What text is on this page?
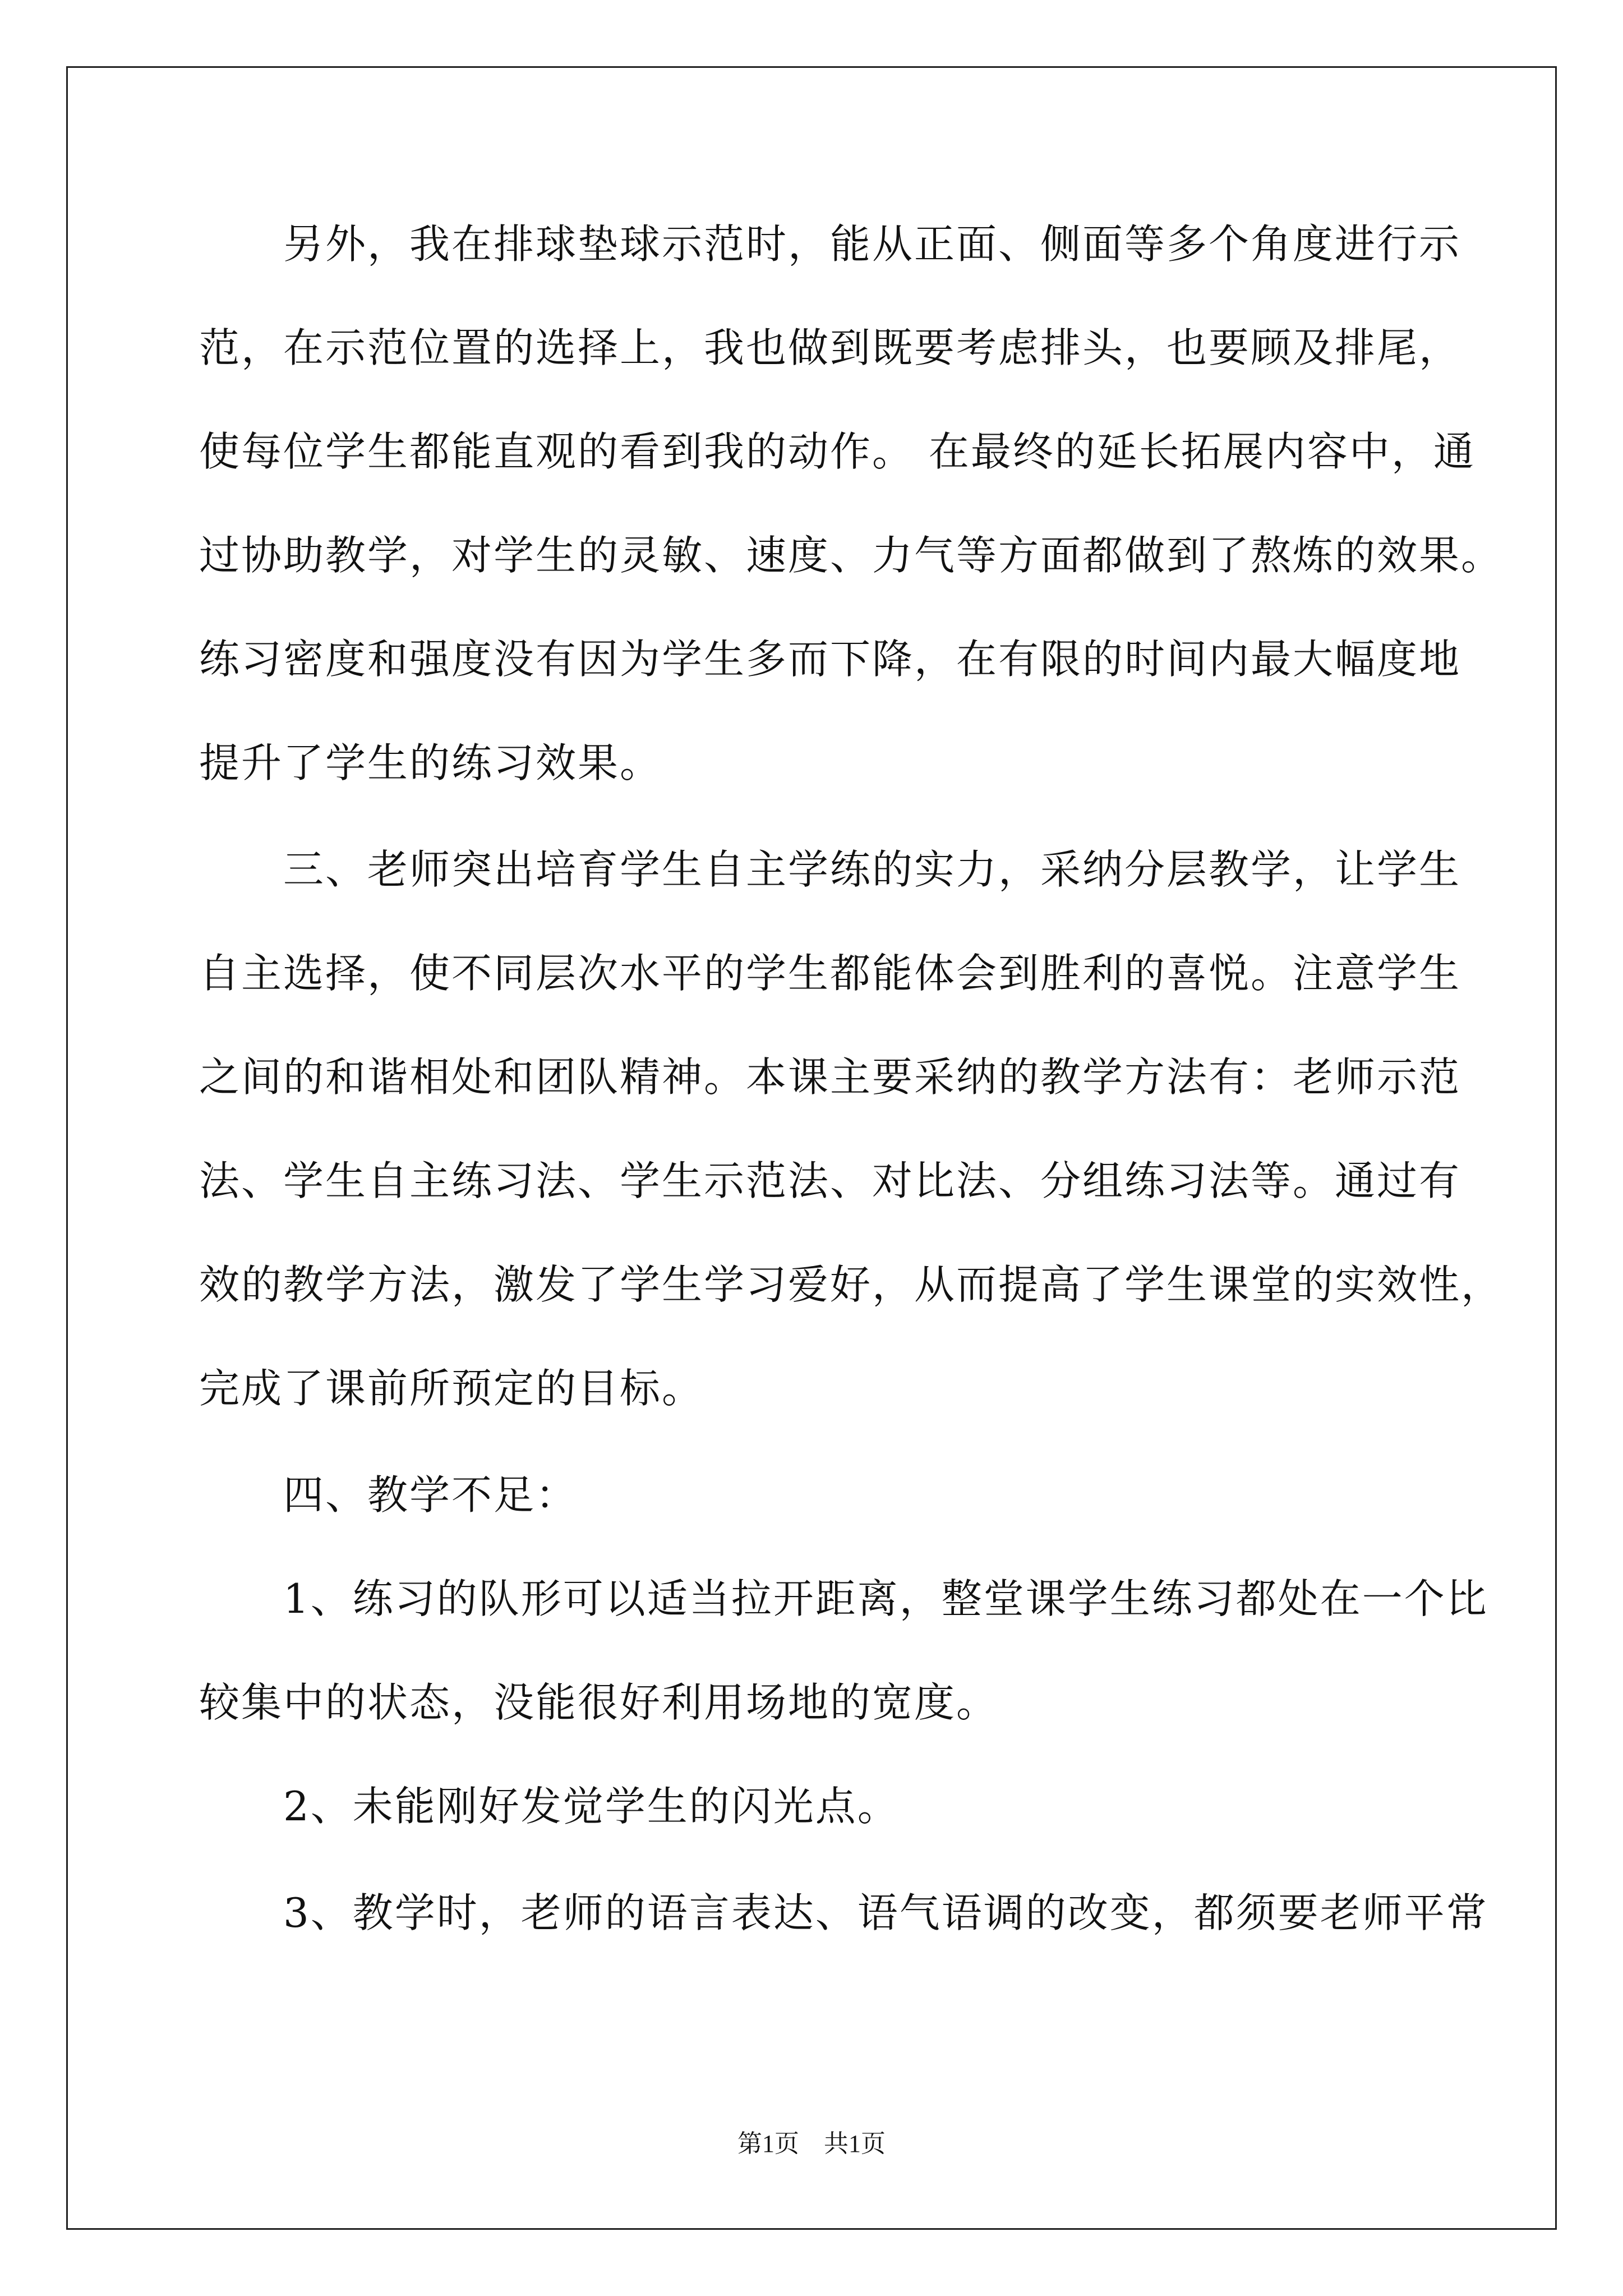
　　另外，我在排球垫球示范时，能从正面、侧面等多个角度进行示
范，在示范位置的选择上，我也做到既要考虑排头，也要顾及排尾，
使每位学生都能直观的看到我的动作。 在最终的延长拓展内容中，通
过协助教学，对学生的灵敏、速度、力气等方面都做到了熬炼的效果。
练习密度和强度没有因为学生多而下降，在有限的时间内最大幅度地
提升了学生的练习效果。
　　三、老师突出培育学生自主学练的实力，采纳分层教学，让学生
自主选择，使不同层次水平的学生都能体会到胜利的喜悦。注意学生
之间的和谐相处和团队精神。本课主要采纳的教学方法有：老师示范
法、学生自主练习法、学生示范法、对比法、分组练习法等。通过有
效的教学方法，激发了学生学习爱好，从而提高了学生课堂的实效性，
完成了课前所预定的目标。
　　四、教学不足：
　　1、练习的队形可以适当拉开距离，整堂课学生练习都处在一个比
较集中的状态，没能很好利用场地的宽度。
　　2、未能刚好发觉学生的闪光点。
　　3、教学时，老师的语言表达、语气语调的改变，都须要老师平常
第1页　共1页
